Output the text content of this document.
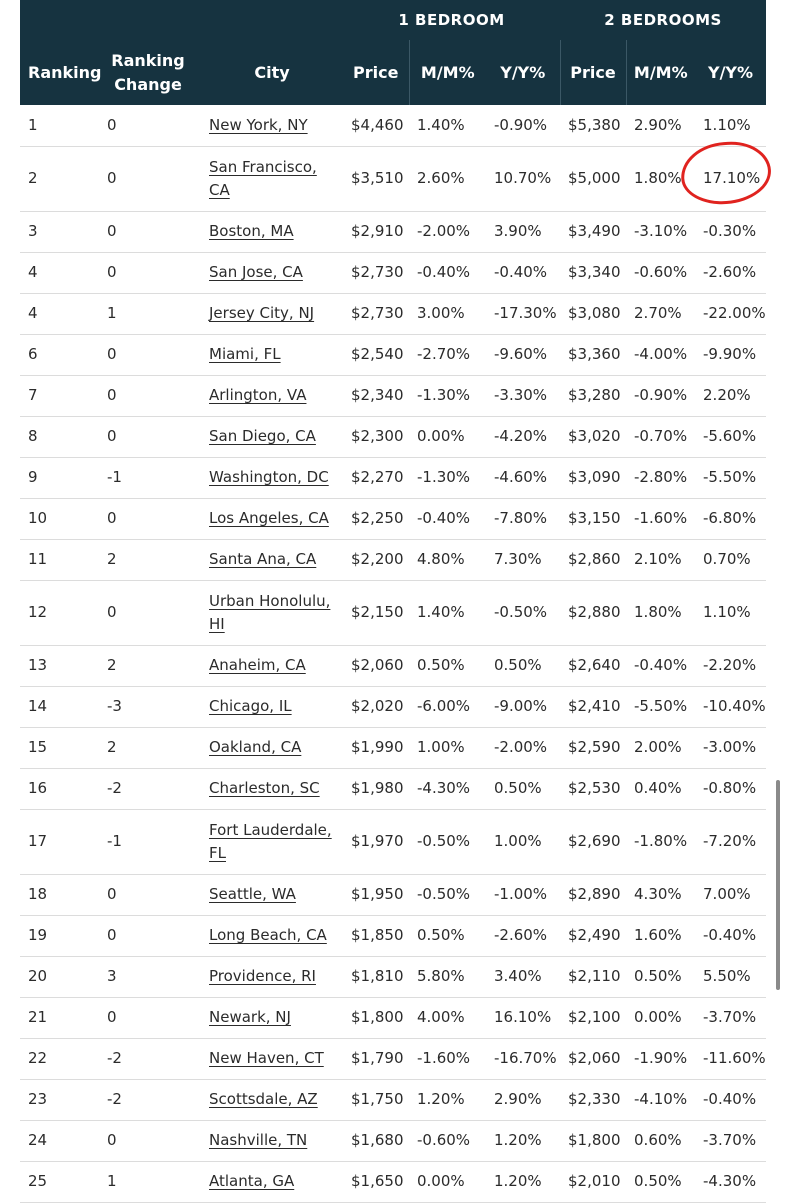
			1 BEDROOM			2 BEDROOMS		
Ranking	Ranking Change	City	Price	M/M%	Y/Y%	Price	M/M%	Y/Y%
1	0	New York, NY	$4,460	1.40%	-0.90%	$5,380	2.90%	1.10%
2	0	San Francisco, CA	$3,510	2.60%	10.70%	$5,000	1.80%	17.10%

3	0	Boston, MA	$2,910	-2.00%	3.90%	$3,490	-3.10%	-0.30%
4	0	San Jose, CA	$2,730	-0.40%	-0.40%	$3,340	-0.60%	-2.60%
4	1	Jersey City, NJ	$2,730	3.00%	-17.30%	$3,080	2.70%	-22.00%
6	0	Miami, FL	$2,540	-2.70%	-9.60%	$3,360	-4.00%	-9.90%
7	0	Arlington, VA	$2,340	-1.30%	-3.30%	$3,280	-0.90%	2.20%
8	0	San Diego, CA	$2,300	0.00%	-4.20%	$3,020	-0.70%	-5.60%
9	-1	Washington, DC	$2,270	-1.30%	-4.60%	$3,090	-2.80%	-5.50%
10	0	Los Angeles, CA	$2,250	-0.40%	-7.80%	$3,150	-1.60%	-6.80%
11	2	Santa Ana, CA	$2,200	4.80%	7.30%	$2,860	2.10%	0.70%
12	0	Urban Honolulu, HI	$2,150	1.40%	-0.50%	$2,880	1.80%	1.10%
13	2	Anaheim, CA	$2,060	0.50%	0.50%	$2,640	-0.40%	-2.20%
14	-3	Chicago, IL	$2,020	-6.00%	-9.00%	$2,410	-5.50%	-10.40%
15	2	Oakland, CA	$1,990	1.00%	-2.00%	$2,590	2.00%	-3.00%
16	-2	Charleston, SC	$1,980	-4.30%	0.50%	$2,530	0.40%	-0.80%
17	-1	Fort Lauderdale, FL	$1,970	-0.50%	1.00%	$2,690	-1.80%	-7.20%
18	0	Seattle, WA	$1,950	-0.50%	-1.00%	$2,890	4.30%	7.00%
19	0	Long Beach, CA	$1,850	0.50%	-2.60%	$2,490	1.60%	-0.40%
20	3	Providence, RI	$1,810	5.80%	3.40%	$2,110	0.50%	5.50%
21	0	Newark, NJ	$1,800	4.00%	16.10%	$2,100	0.00%	-3.70%
22	-2	New Haven, CT	$1,790	-1.60%	-16.70%	$2,060	-1.90%	-11.60%
23	-2	Scottsdale, AZ	$1,750	1.20%	2.90%	$2,330	-4.10%	-0.40%
24	0	Nashville, TN	$1,680	-0.60%	1.20%	$1,800	0.60%	-3.70%
25	1	Atlanta, GA	$1,650	0.00%	1.20%	$2,010	0.50%	-4.30%
